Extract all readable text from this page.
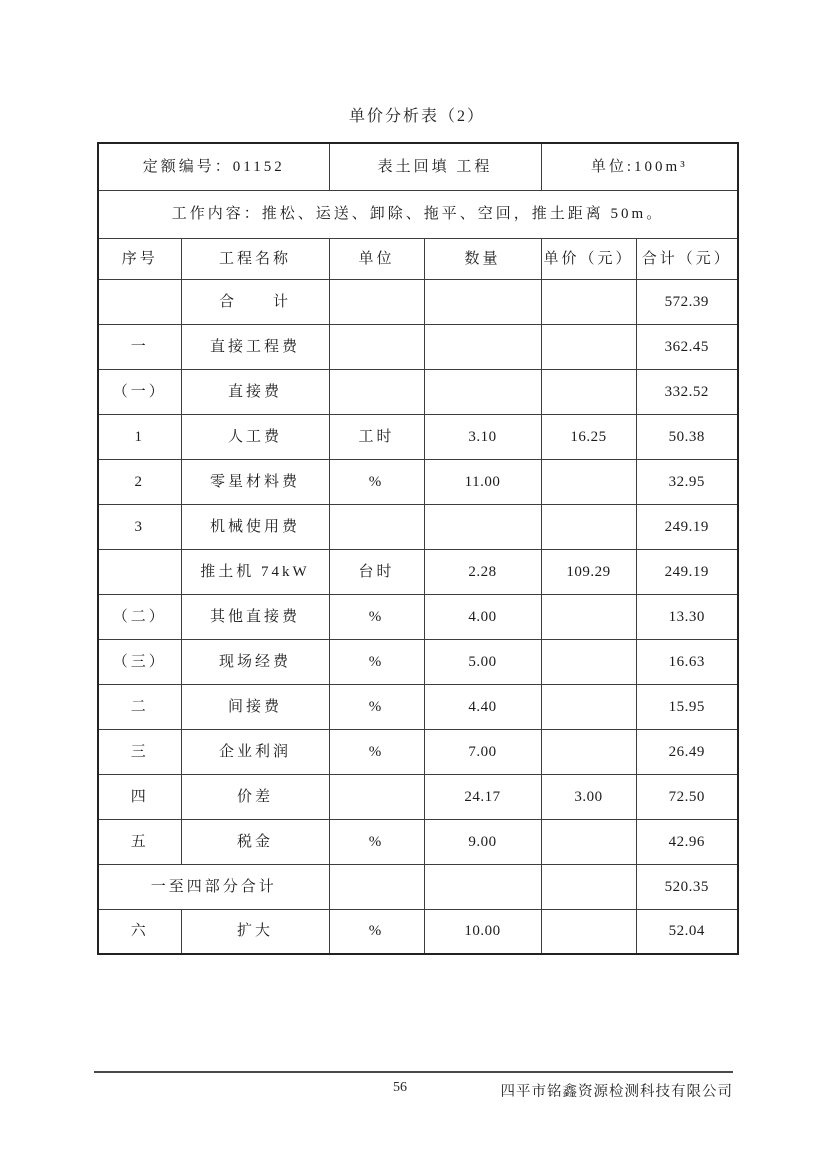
单价分析表（2）
定额编号：01152		表土回填 工程		单位:100m³	
工作内容：推松、运送、卸除、拖平、空回，推土距离 50m。					
序号	工程名称	单位	数量	单价（元）	合计（元）
	合　　计				572.39
一	直接工程费				362.45
（一）	直接费				332.52
1	人工费	工时	3.10	16.25	50.38
2	零星材料费	%	11.00		32.95
3	机械使用费				249.19
	推土机 74kW	台时	2.28	109.29	249.19
（二）	其他直接费	%	4.00		13.30
（三）	现场经费	%	5.00		16.63
二	间接费	%	4.40		15.95
三	企业利润	%	7.00		26.49
四	价差		24.17	3.00	72.50
五	税金	%	9.00		42.96
一至四部分合计					520.35
六	扩大	%	10.00		52.04
56	四平市铭鑫资源检测科技有限公司
